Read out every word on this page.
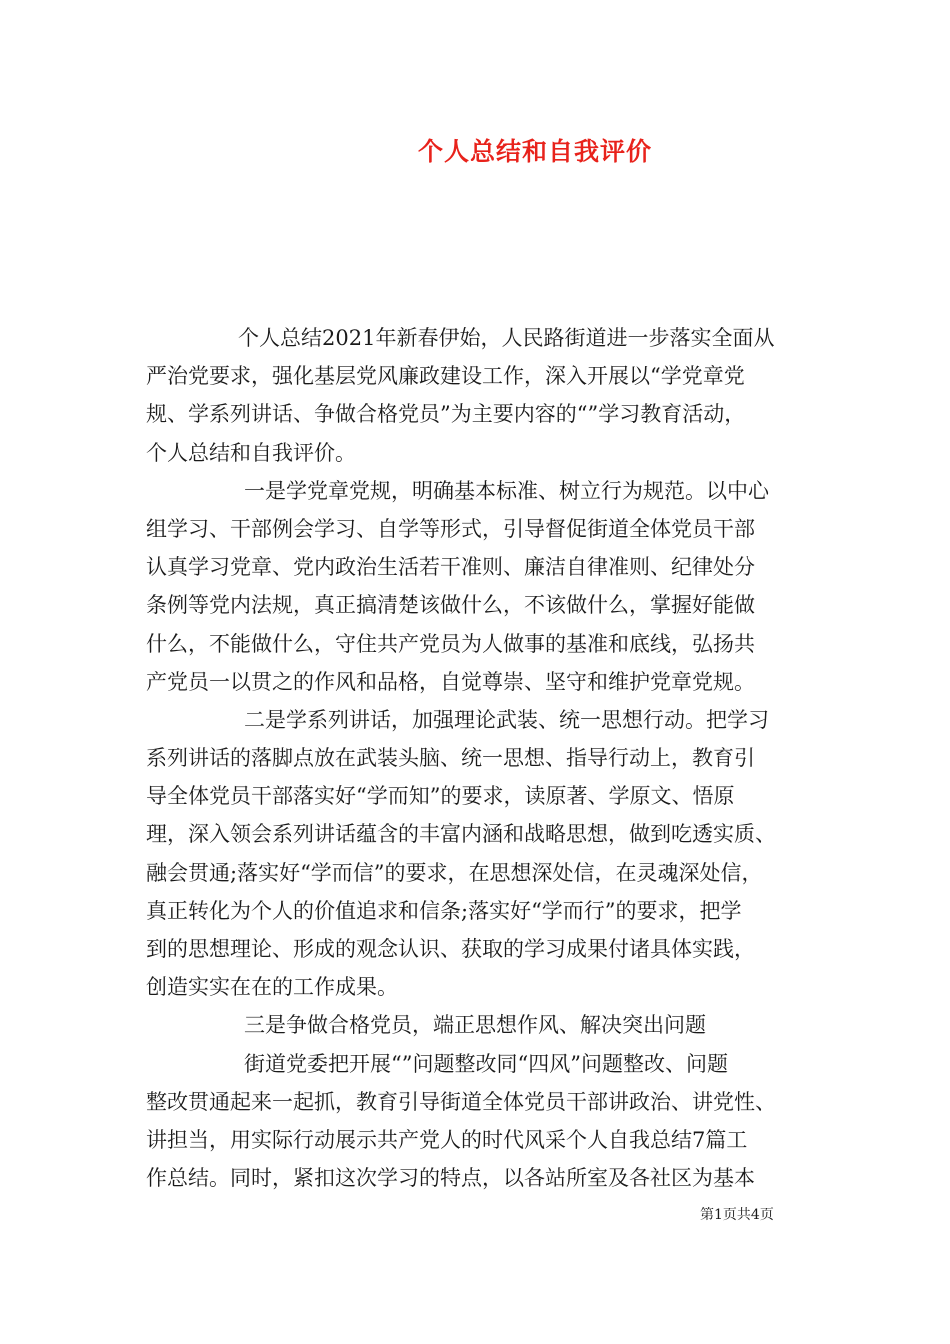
个人总结和自我评价
个人总结2021年新春伊始，人民路街道进一步落实全面从
严治党要求，强化基层党风廉政建设工作，深入开展以“学党章党
规、学系列讲话、争做合格党员”为主要内容的“”学习教育活动，
个人总结和自我评价。
一是学党章党规，明确基本标准、树立行为规范。以中心
组学习、干部例会学习、自学等形式，引导督促街道全体党员干部
认真学习党章、党内政治生活若干准则、廉洁自律准则、纪律处分
条例等党内法规，真正搞清楚该做什么，不该做什么，掌握好能做
什么，不能做什么，守住共产党员为人做事的基准和底线，弘扬共
产党员一以贯之的作风和品格，自觉尊崇、坚守和维护党章党规。
二是学系列讲话，加强理论武装、统一思想行动。把学习
系列讲话的落脚点放在武装头脑、统一思想、指导行动上，教育引
导全体党员干部落实好“学而知”的要求，读原著、学原文、悟原
理，深入领会系列讲话蕴含的丰富内涵和战略思想，做到吃透实质、
融会贯通;落实好“学而信”的要求，在思想深处信，在灵魂深处信，
真正转化为个人的价值追求和信条;落实好“学而行”的要求，把学
到的思想理论、形成的观念认识、获取的学习成果付诸具体实践，
创造实实在在的工作成果。
三是争做合格党员，端正思想作风、解决突出问题
街道党委把开展“”问题整改同“四风”问题整改、问题
整改贯通起来一起抓，教育引导街道全体党员干部讲政治、讲党性、
讲担当，用实际行动展示共产党人的时代风采个人自我总结7篇工
作总结。同时，紧扣这次学习的特点，以各站所室及各社区为基本
第1页共4页
